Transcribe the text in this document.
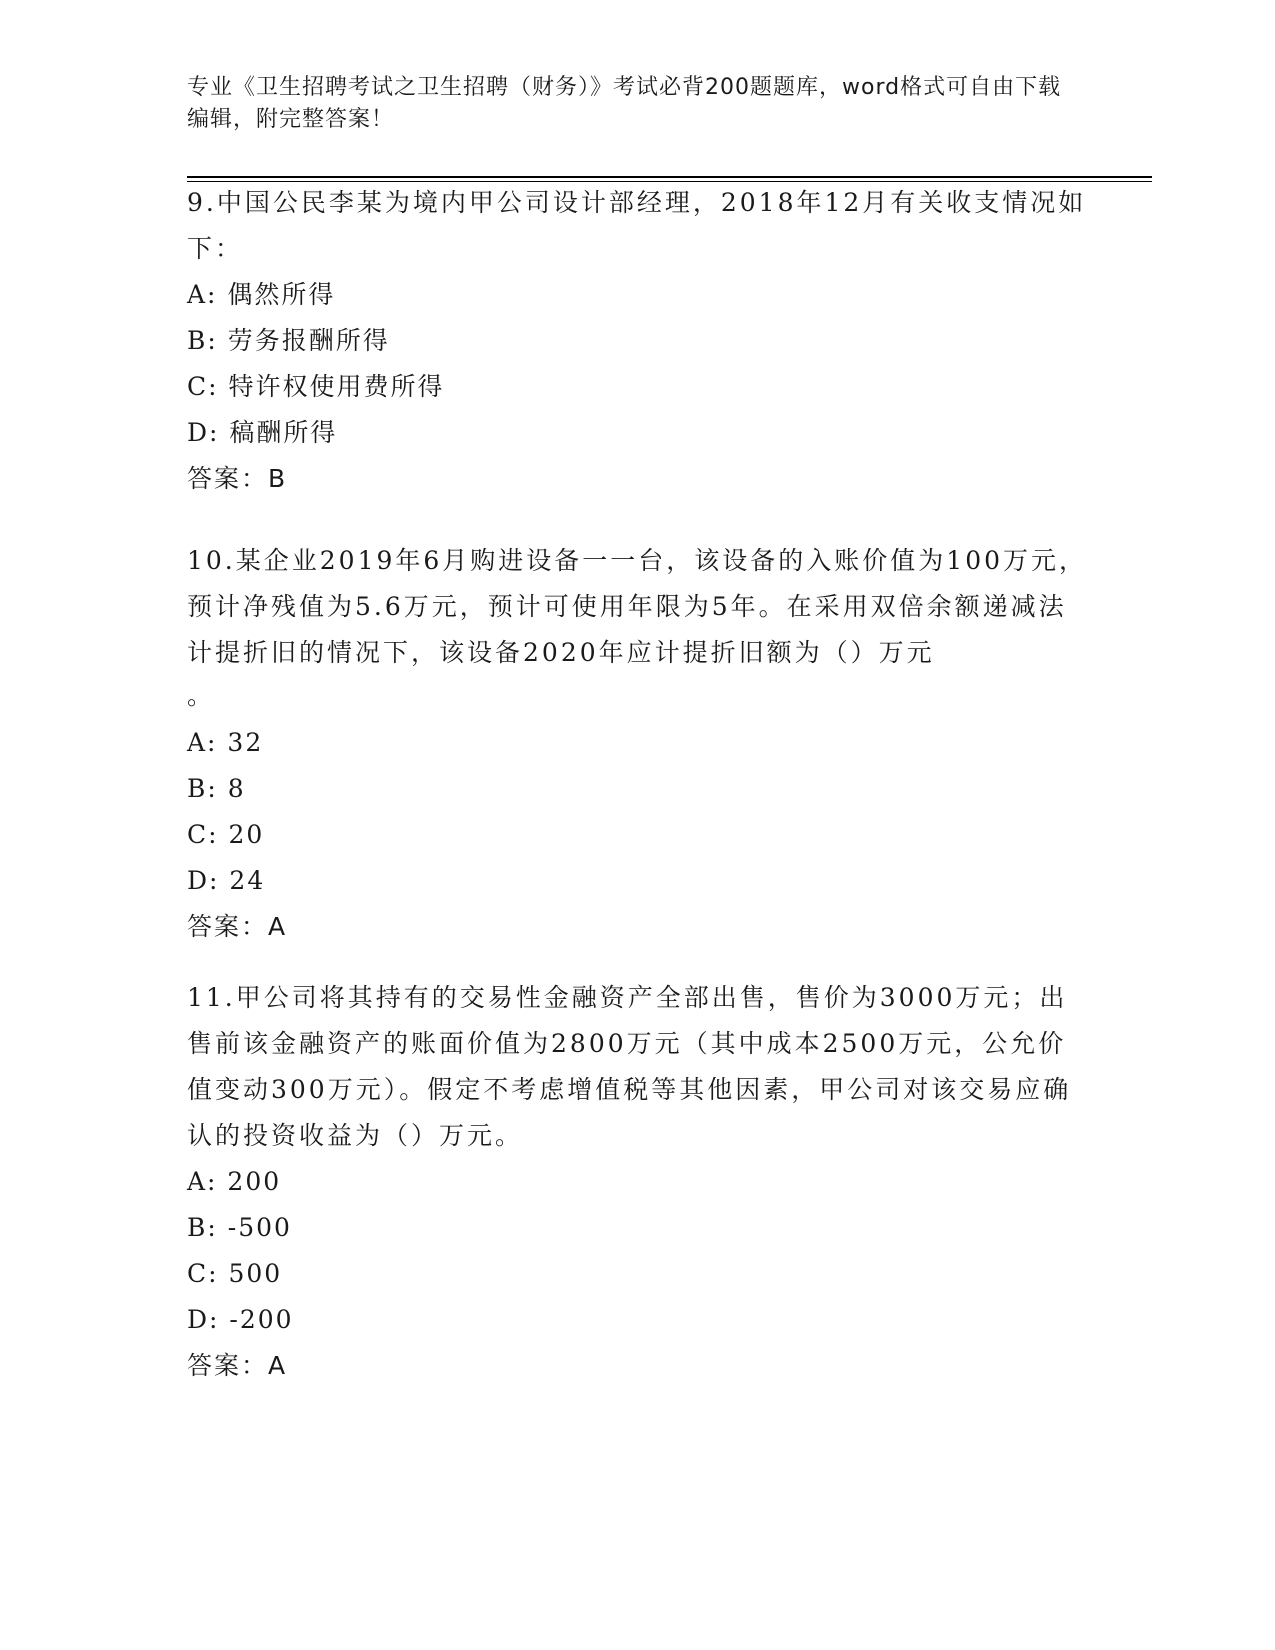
专业《卫生招聘考试之卫生招聘（财务）》考试必背200题题库，word格式可自由下载编辑，附完整答案！

9.中国公民李某为境内甲公司设计部经理，2018年12月有关收支情况如下：

A: 偶然所得

B: 劳务报酬所得

C: 特许权使用费所得

D: 稿酬所得

答案：B

10.某企业2019年6月购进设备一一台，该设备的入账价值为100万元，预计净残值为5.6万元，预计可使用年限为5年。在采用双倍余额递减法计提折旧的情况下，该设备2020年应计提折旧额为（）万元

。

A: 32

B: 8

C: 20

D: 24

答案：A

11.甲公司将其持有的交易性金融资产全部出售，售价为3000万元；出售前该金融资产的账面价值为2800万元（其中成本2500万元，公允价值变动300万元）。假定不考虑增值税等其他因素，甲公司对该交易应确认的投资收益为（）万元。

A: 200

B: -500

C: 500

D: -200

答案：A
